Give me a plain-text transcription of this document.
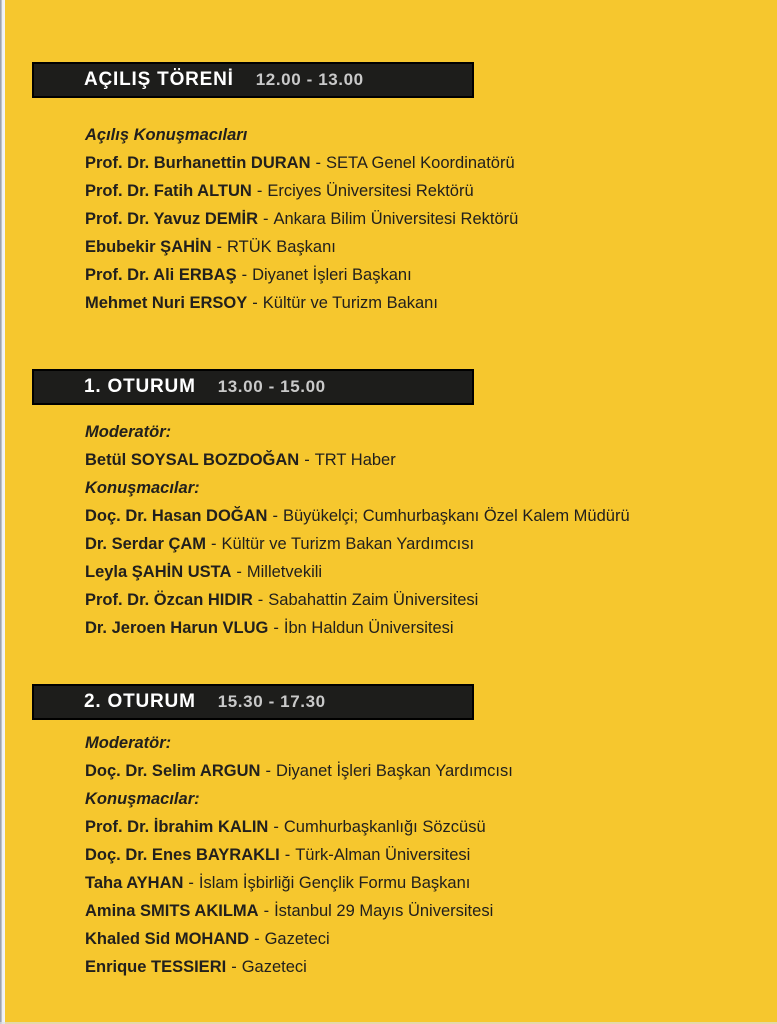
AÇILIŞ TÖRENİ 12.00 - 13.00
Açılış Konuşmacıları
Prof. Dr. Burhanettin DURAN - SETA Genel Koordinatörü
Prof. Dr. Fatih ALTUN - Erciyes Üniversitesi Rektörü
Prof. Dr. Yavuz DEMİR - Ankara Bilim Üniversitesi Rektörü
Ebubekir ŞAHİN - RTÜK Başkanı
Prof. Dr. Ali ERBAŞ - Diyanet İşleri Başkanı
Mehmet Nuri ERSOY - Kültür ve Turizm Bakanı
1. OTURUM 13.00 - 15.00
Moderatör:
Betül SOYSAL BOZDOĞAN - TRT Haber
Konuşmacılar:
Doç. Dr. Hasan DOĞAN - Büyükelçi; Cumhurbaşkanı Özel Kalem Müdürü
Dr. Serdar ÇAM - Kültür ve Turizm Bakan Yardımcısı
Leyla ŞAHİN USTA - Milletvekili
Prof. Dr. Özcan HIDIR - Sabahattin Zaim Üniversitesi
Dr. Jeroen Harun VLUG - İbn Haldun Üniversitesi
2. OTURUM 15.30 - 17.30
Moderatör:
Doç. Dr. Selim ARGUN - Diyanet İşleri Başkan Yardımcısı
Konuşmacılar:
Prof. Dr. İbrahim KALIN - Cumhurbaşkanlığı Sözcüsü
Doç. Dr. Enes BAYRAKLI - Türk-Alman Üniversitesi
Taha AYHAN - İslam İşbirliği Gençlik Formu Başkanı
Amina SMITS AKILMA - İstanbul 29 Mayıs Üniversitesi
Khaled Sid MOHAND - Gazeteci
Enrique TESSIERI - Gazeteci
